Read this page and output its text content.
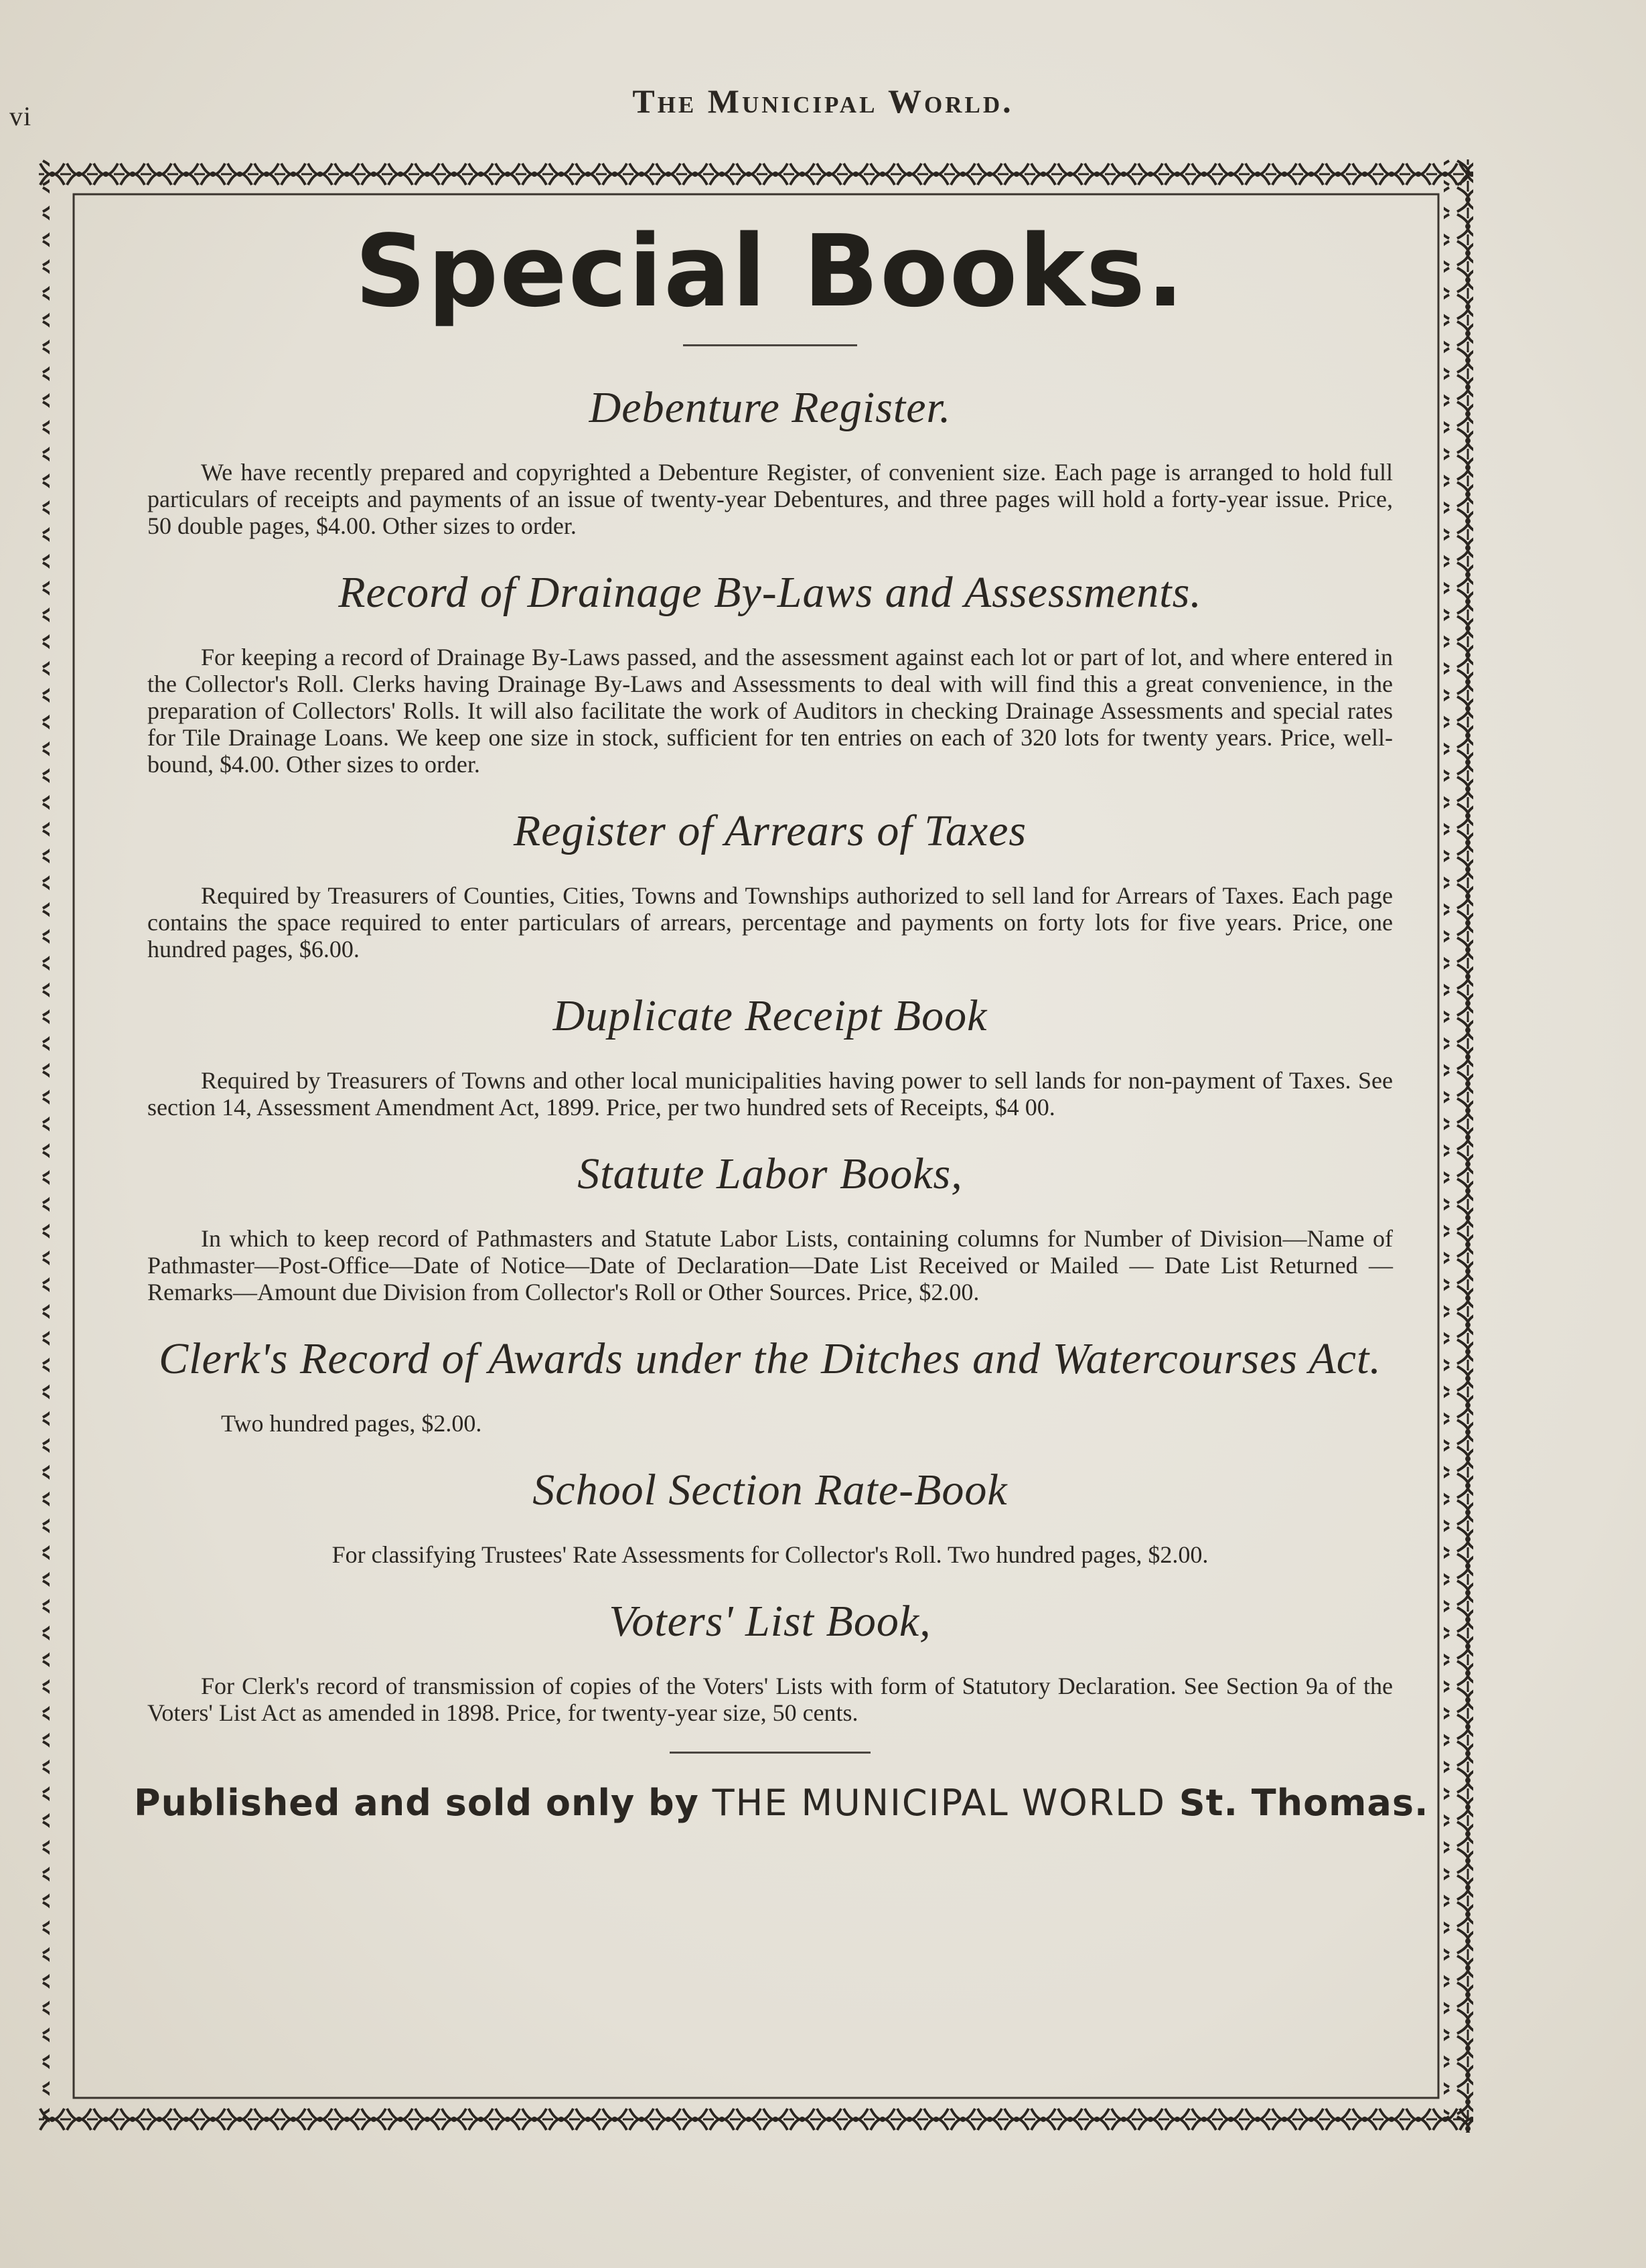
vi	The Municipal World.
Special Books.
Debenture Register.

We have recently prepared and copyrighted a Debenture Register, of convenient size. Each page is arranged to hold full particulars of receipts and payments of an issue of twenty-year Debentures, and three pages will hold a forty-year issue. Price, 50 double pages, $4.00. Other sizes to order.

Record of Drainage By-Laws and Assessments.

For keeping a record of Drainage By-Laws passed, and the assessment against each lot or part of lot, and where entered in the Collector's Roll. Clerks having Drainage By-Laws and Assessments to deal with will find this a great convenience, in the preparation of Collectors' Rolls. It will also facilitate the work of Auditors in checking Drainage Assessments and special rates for Tile Drainage Loans. We keep one size in stock, sufficient for ten entries on each of 320 lots for twenty years. Price, well-bound, $4.00. Other sizes to order.

Register of Arrears of Taxes

Required by Treasurers of Counties, Cities, Towns and Townships authorized to sell land for Arrears of Taxes. Each page contains the space required to enter particulars of arrears, percentage and payments on forty lots for five years. Price, one hundred pages, $6.00.

Duplicate Receipt Book

Required by Treasurers of Towns and other local municipalities having power to sell lands for non-payment of Taxes. See section 14, Assessment Amendment Act, 1899. Price, per two hundred sets of Receipts, $4 00.

Statute Labor Books,

In which to keep record of Pathmasters and Statute Labor Lists, containing columns for Number of Division—Name of Pathmaster—Post-Office—Date of Notice—Date of Declaration—Date List Received or Mailed — Date List Returned — Remarks—Amount due Division from Collector's Roll or Other Sources. Price, $2.00.

Clerk's Record of Awards under the Ditches and Watercourses Act.

Two hundred pages, $2.00.

School Section Rate-Book

For classifying Trustees' Rate Assessments for Collector's Roll. Two hundred pages, $2.00.

Voters' List Book,

For Clerk's record of transmission of copies of the Voters' Lists with form of Statutory Declaration. See Section 9a of the Voters' List Act as amended in 1898. Price, for twenty-year size, 50 cents.

Published and sold only by THE MUNICIPAL WORLD St. Thomas.
